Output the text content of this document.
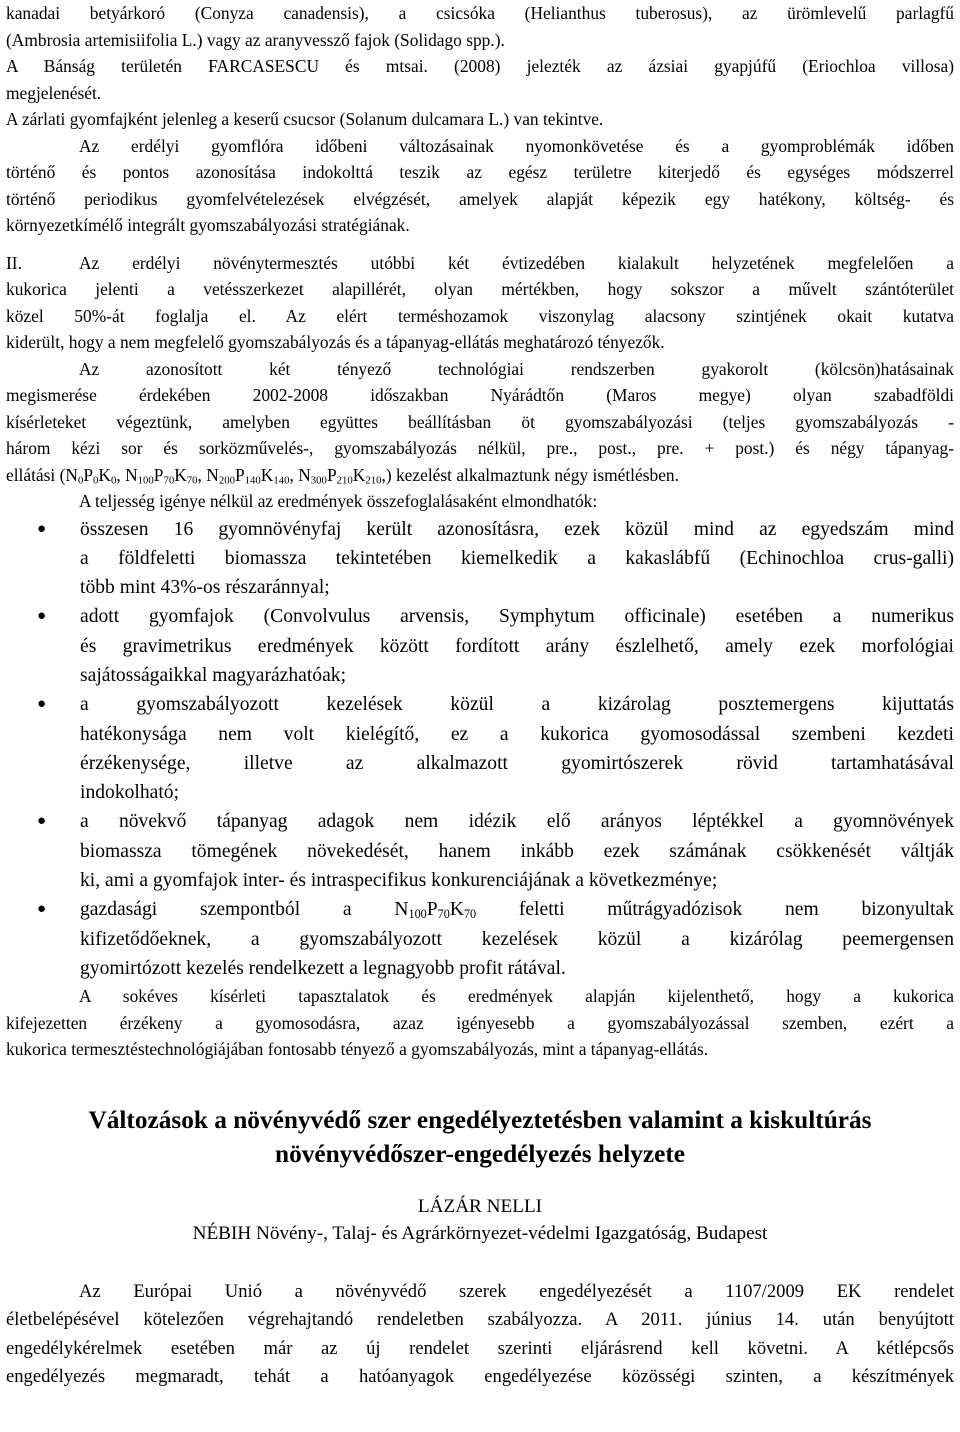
kanadai betyárkoró (Conyza canadensis), a csicsóka (Helianthus tuberosus), az ürömlevelű parlagfű

(Ambrosia artemisiifolia L.) vagy az aranyvessző fajok (Solidago spp.).

A Bánság területén FARCASESCU és mtsai. (2008) jelezték az ázsiai gyapjúfű (Eriochloa villosa)

megjelenését.

A zárlati gyomfajként jelenleg a keserű csucsor (Solanum dulcamara L.) van tekintve.

Az erdélyi gyomflóra időbeni változásainak nyomonkövetése és a gyomproblémák időben

történő és pontos azonosítása indokolttá teszik az egész területre kiterjedő és egységes módszerrel

történő periodikus gyomfelvételezések elvégzését, amelyek alapját képezik egy hatékony, költség- és

környezetkímélő integrált gyomszabályozási stratégiának.

II.	Az erdélyi növénytermesztés utóbbi két évtizedében kialakult helyzetének megfelelően a

kukorica jelenti a vetésszerkezet alapillérét, olyan mértékben, hogy sokszor a művelt szántóterület

közel 50%-át foglalja el. Az elért terméshozamok viszonylag alacsony szintjének okait kutatva

kiderült, hogy a nem megfelelő gyomszabályozás és a tápanyag-ellátás meghatározó tényezők.

Az azonosított két tényező technológiai rendszerben gyakorolt (kölcsön)hatásainak

megismerése érdekében 2002-2008 időszakban Nyárádtőn (Maros megye) olyan szabadföldi

kísérleteket végeztünk, amelyben együttes beállításban öt gyomszabályozási (teljes gyomszabályozás -

három kézi sor és sorközművelés-, gyomszabályozás nélkül, pre., post., pre. + post.) és négy tápanyag-

ellátási ($N_0P_0K_0$, $N_{100}P_{70}K_{70}$, $N_{200}P_{140}K_{140}$, $N_{300}P_{210}K_{210}$,) kezelést alkalmaztunk négy ismétlésben.

A teljesség igénye nélkül az eredmények összefoglalásaként elmondhatók:

● összesen 16 gyomnövényfaj került azonosításra, ezek közül mind az egyedszám mind
a földfeletti biomassza tekintetében kiemelkedik a kakaslábfű (Echinochloa crus-galli)
több mint 43%-os részaránnyal;
● adott gyomfajok (Convolvulus arvensis, Symphytum officinale) esetében a numerikus
és gravimetrikus eredmények között fordított arány észlelhető, amely ezek morfológiai
sajátosságaikkal magyarázhatóak;
● a gyomszabályozott kezelések közül a kizárolag posztemergens kijuttatás
hatékonysága nem volt kielégítő, ez a kukorica gyomosodással szembeni kezdeti
érzékenysége, illetve az alkalmazott gyomirtószerek rövid tartamhatásával
indokolható;
● a növekvő tápanyag adagok nem idézik elő arányos léptékkel a gyomnövények
biomassza tömegének növekedését, hanem inkább ezek számának csökkenését váltják
ki, ami a gyomfajok inter- és intraspecifikus konkurenciájának a következménye;
● gazdasági szempontból a $N_{100}P_{70}K_{70}$ feletti műtrágyadózisok nem bizonyultak
kifizetődőeknek, a gyomszabályozott kezelések közül a kizárólag peemergensen
gyomirtózott kezelés rendelkezett a legnagyobb profit rátával.

A sokéves kísérleti tapasztalatok és eredmények alapján kijelenthető, hogy a kukorica

kifejezetten érzékeny a gyomosodásra, azaz igényesebb a gyomszabályozással szemben, ezért a

kukorica termesztéstechnológiájában fontosabb tényező a gyomszabályozás, mint a tápanyag-ellátás.

Változások a növényvédő szer engedélyeztetésben valamint a kiskultúrás
növényvédőszer-engedélyezés helyzete
LÁZÁR NELLI
NÉBIH Növény-, Talaj- és Agrárkörnyezet-védelmi Igazgatóság, Budapest

Az Európai Unió a növényvédő szerek engedélyezését a 1107/2009 EK rendelet

életbelépésével kötelezően végrehajtandó rendeletben szabályozza. A 2011. június 14. után benyújtott

engedélykérelmek esetében már az új rendelet szerinti eljárásrend kell követni. A kétlépcsős

engedélyezés megmaradt, tehát a hatóanyagok engedélyezése közösségi szinten, a készítmények
